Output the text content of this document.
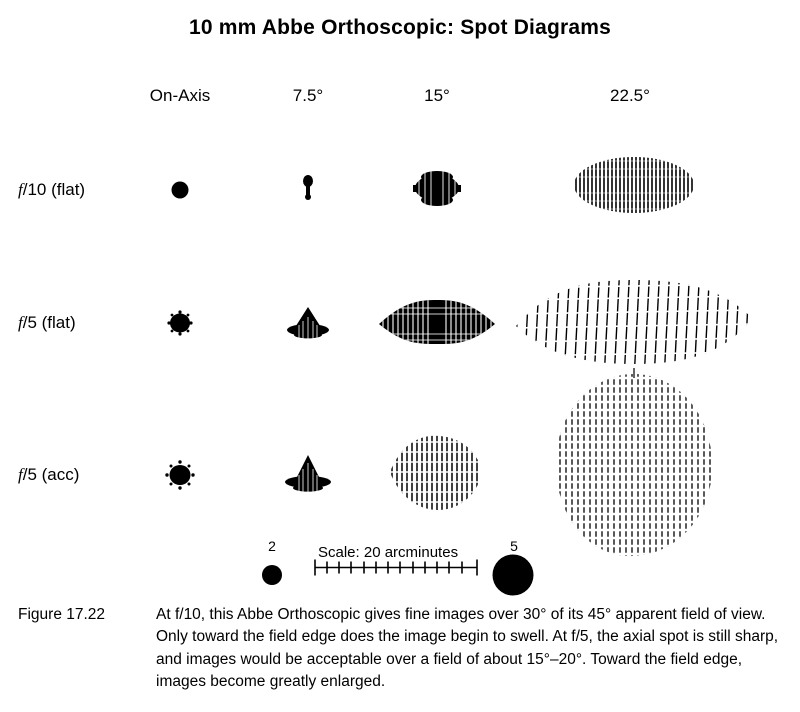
10 mm Abbe Orthoscopic: Spot Diagrams
On-Axis	7.5°	15°	22.5°
f/10 (flat)
f/5 (flat)
f/5 (acc)
2	Scale: 20 arcminutes	5
Figure 17.22	At f/10, this Abbe Orthoscopic gives fine images over 30° of its 45° apparent field of view. Only toward the field edge does the image begin to swell. At f/5, the axial spot is still sharp, and images would be acceptable over a field of about 15°–20°. Toward the field edge, images become greatly enlarged.
